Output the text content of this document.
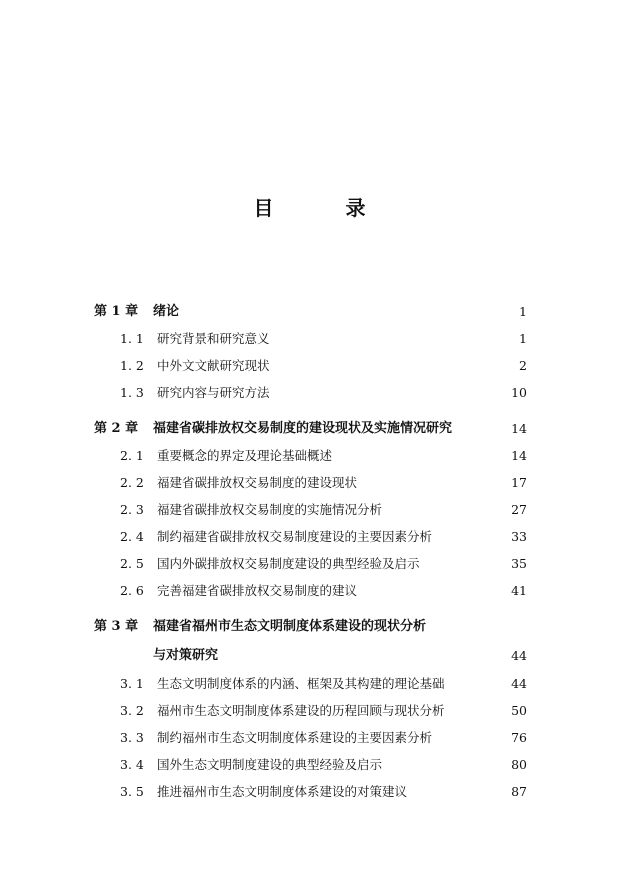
目　录
第 1 章 绪论	1
1. 1 研究背景和研究意义	1
1. 2 中外文文献研究现状	2
1. 3 研究内容与研究方法	10
第 2 章 福建省碳排放权交易制度的建设现状及实施情况研究	14
2. 1 重要概念的界定及理论基础概述	14
2. 2 福建省碳排放权交易制度的建设现状	17
2. 3 福建省碳排放权交易制度的实施情况分析	27
2. 4 制约福建省碳排放权交易制度建设的主要因素分析	33
2. 5 国内外碳排放权交易制度建设的典型经验及启示	35
2. 6 完善福建省碳排放权交易制度的建议	41
第 3 章 福建省福州市生态文明制度体系建设的现状分析
与对策研究	44
3. 1 生态文明制度体系的内涵、框架及其构建的理论基础	44
3. 2 福州市生态文明制度体系建设的历程回顾与现状分析	50
3. 3 制约福州市生态文明制度体系建设的主要因素分析	76
3. 4 国外生态文明制度建设的典型经验及启示	80
3. 5 推进福州市生态文明制度体系建设的对策建议	87
